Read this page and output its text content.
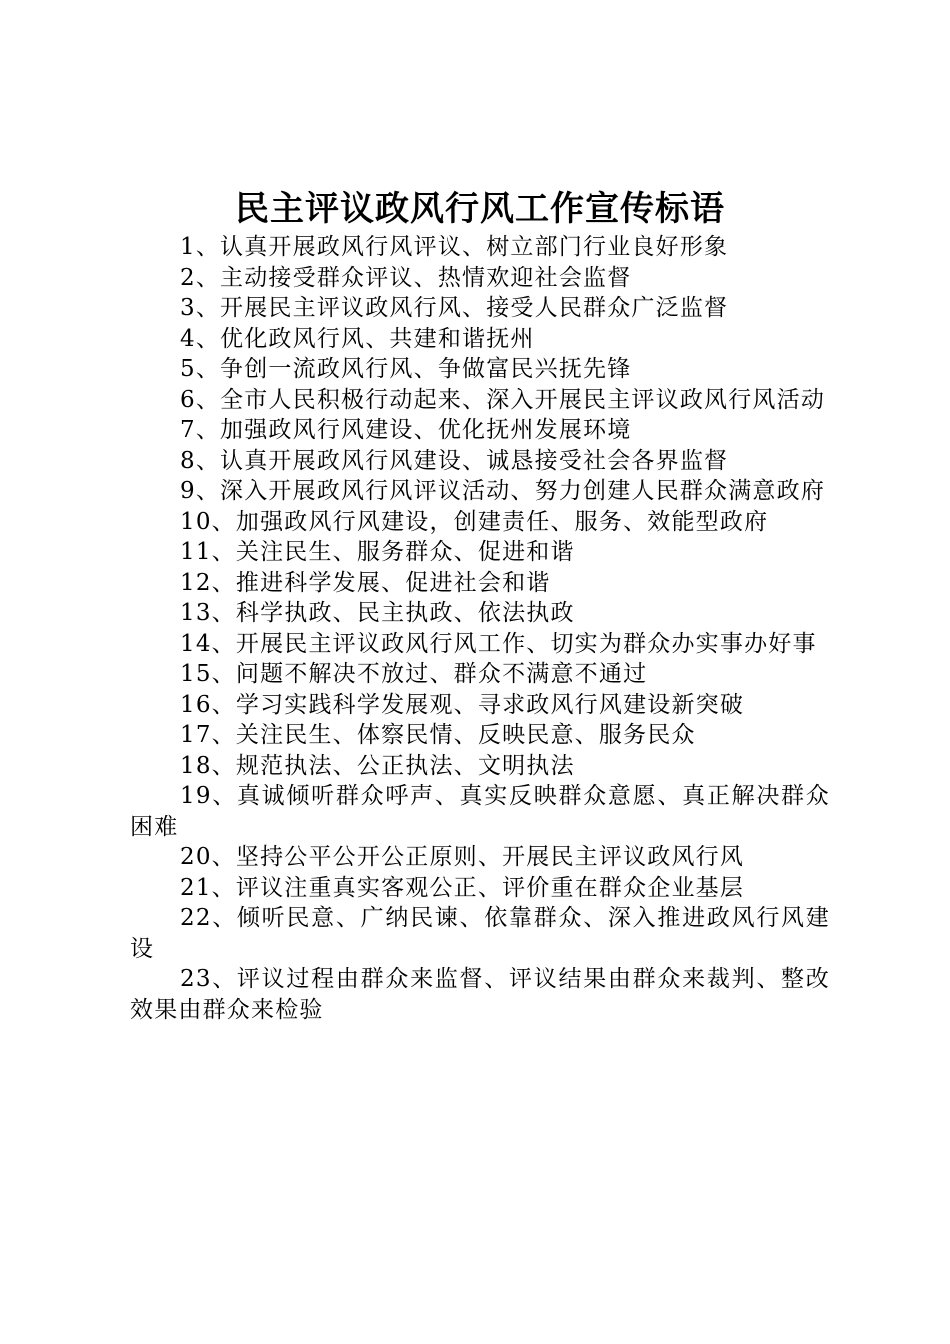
民主评议政风行风工作宣传标语
1、认真开展政风行风评议、树立部门行业良好形象
2、主动接受群众评议、热情欢迎社会监督
3、开展民主评议政风行风、接受人民群众广泛监督
4、优化政风行风、共建和谐抚州
5、争创一流政风行风、争做富民兴抚先锋
6、全市人民积极行动起来、深入开展民主评议政风行风活动
7、加强政风行风建设、优化抚州发展环境
8、认真开展政风行风建设、诚恳接受社会各界监督
9、深入开展政风行风评议活动、努力创建人民群众满意政府
10、加强政风行风建设，创建责任、服务、效能型政府
11、关注民生、服务群众、促进和谐
12、推进科学发展、促进社会和谐
13、科学执政、民主执政、依法执政
14、开展民主评议政风行风工作、切实为群众办实事办好事
15、问题不解决不放过、群众不满意不通过
16、学习实践科学发展观、寻求政风行风建设新突破
17、关注民生、体察民情、反映民意、服务民众
18、规范执法、公正执法、文明执法
19、真诚倾听群众呼声、真实反映群众意愿、真正解决群众困难
20、坚持公平公开公正原则、开展民主评议政风行风
21、评议注重真实客观公正、评价重在群众企业基层
22、倾听民意、广纳民谏、依靠群众、深入推进政风行风建设
23、评议过程由群众来监督、评议结果由群众来裁判、整改效果由群众来检验
